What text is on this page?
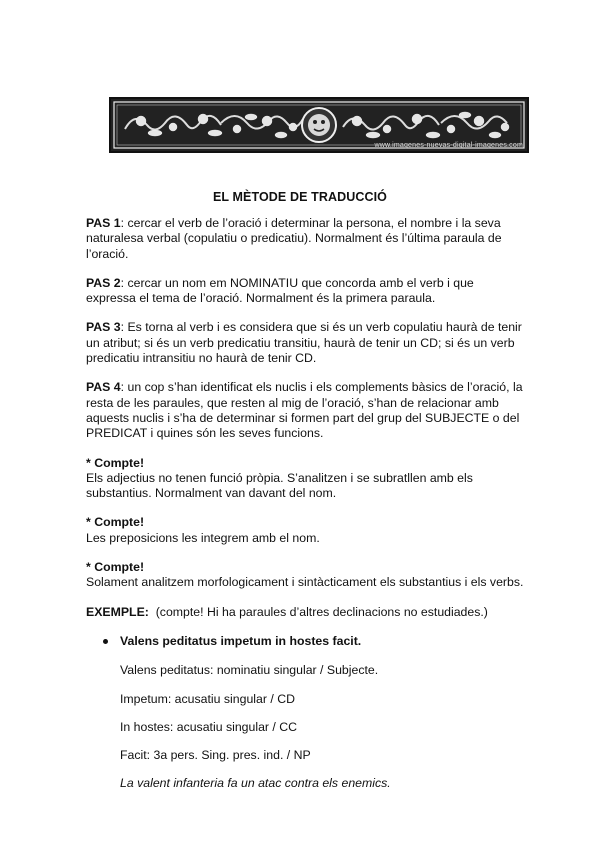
www.imagenes-nuevas-digital-imagenes.com
EL MÈTODE DE TRADUCCIÓ

PAS 1: cercar el verb de l’oració i determinar la persona, el nombre i la seva naturalesa verbal (copulatiu o predicatiu). Normalment és l’última paraula de l’oració.

PAS 2: cercar un nom em NOMINATIU que concorda amb el verb i que expressa el tema de l’oració. Normalment és la primera paraula.

PAS 3: Es torna al verb i es considera que si és un verb copulatiu haurà de tenir un atribut; si és un verb predicatiu transitiu, haurà de tenir un CD; si és un verb predicatiu intransitiu no haurà de tenir CD.

PAS 4: un cop s’han identificat els nuclis i els complements bàsics de l’oració, la resta de les paraules, que resten al mig de l’oració, s’han de relacionar amb aquests nuclis i s’ha de determinar si formen part del grup del SUBJECTE o del PREDICAT i quines són les seves funcions.

* Compte!
Els adjectius no tenen funció pròpia. S’analitzen i se subratllen amb els substantius. Normalment van davant del nom.

* Compte!
Les preposicions les integrem amb el nom.

* Compte!
Solament analitzem morfologicament i sintàcticament els substantius i els verbs.

EXEMPLE: (compte! Hi ha paraules d’altres declinacions no estudiades.)

Valens peditatus impetum in hostes facit.

Valens peditatus: nominatiu singular / Subjecte.

Impetum: acusatiu singular / CD

In hostes: acusatiu singular / CC

Facit: 3a pers. Sing. pres. ind. / NP

La valent infanteria fa un atac contra els enemics.
